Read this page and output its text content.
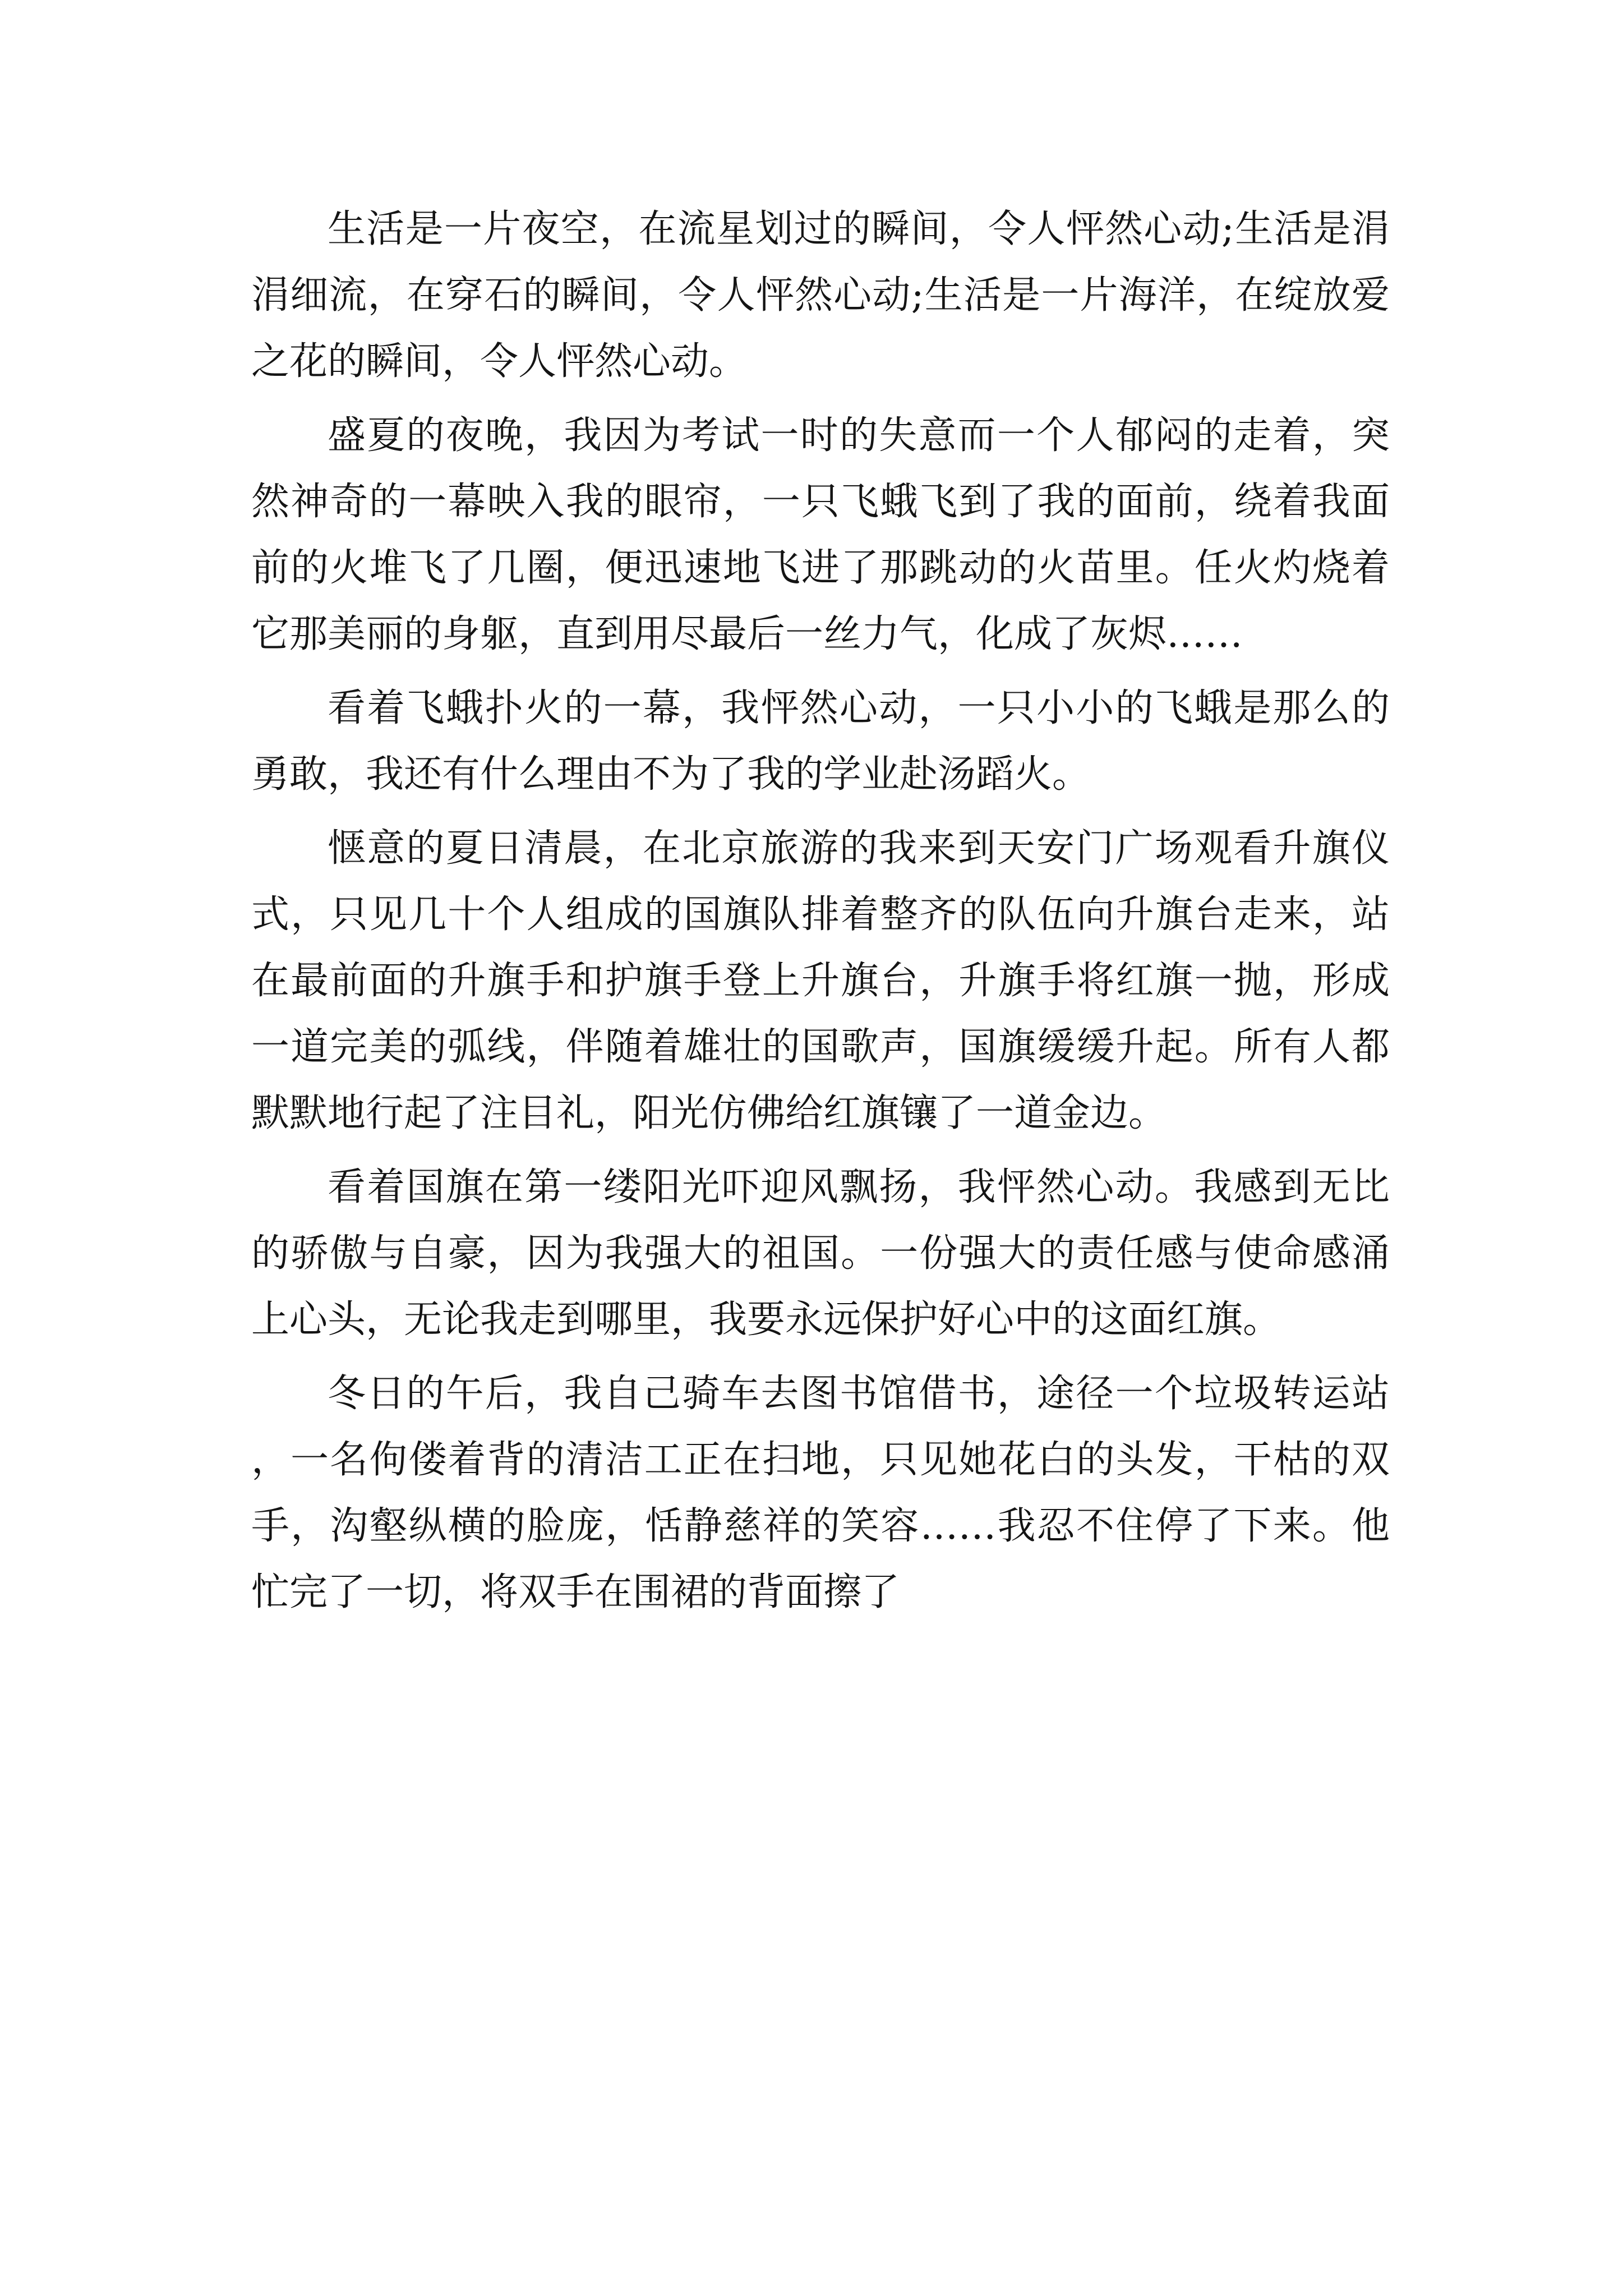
生活是一片夜空，在流星划过的瞬间，令人怦然心动;生活是涓涓细流，在穿石的瞬间，令人怦然心动;生活是一片海洋，在绽放爱之花的瞬间，令人怦然心动。

盛夏的夜晚，我因为考试一时的失意而一个人郁闷的走着，突然神奇的一幕映入我的眼帘，一只飞蛾飞到了我的面前，绕着我面前的火堆飞了几圈，便迅速地飞进了那跳动的火苗里。任火灼烧着它那美丽的身躯，直到用尽最后一丝力气，化成了灰烬……

看着飞蛾扑火的一幕，我怦然心动，一只小小的飞蛾是那么的勇敢，我还有什么理由不为了我的学业赴汤蹈火。

惬意的夏日清晨，在北京旅游的我来到天安门广场观看升旗仪式，只见几十个人组成的国旗队排着整齐的队伍向升旗台走来，站在最前面的升旗手和护旗手登上升旗台，升旗手将红旗一抛，形成一道完美的弧线，伴随着雄壮的国歌声，国旗缓缓升起。所有人都默默地行起了注目礼，阳光仿佛给红旗镶了一道金边。

看着国旗在第一缕阳光吓迎风飘扬，我怦然心动。我感到无比的骄傲与自豪，因为我强大的祖国。一份强大的责任感与使命感涌上心头，无论我走到哪里，我要永远保护好心中的这面红旗。

冬日的午后，我自己骑车去图书馆借书，途径一个垃圾转运站，一名佝偻着背的清洁工正在扫地，只见她花白的头发，干枯的双手，沟壑纵横的脸庞，恬静慈祥的笑容……我忍不住停了下来。他忙完了一切，将双手在围裙的背面擦了
